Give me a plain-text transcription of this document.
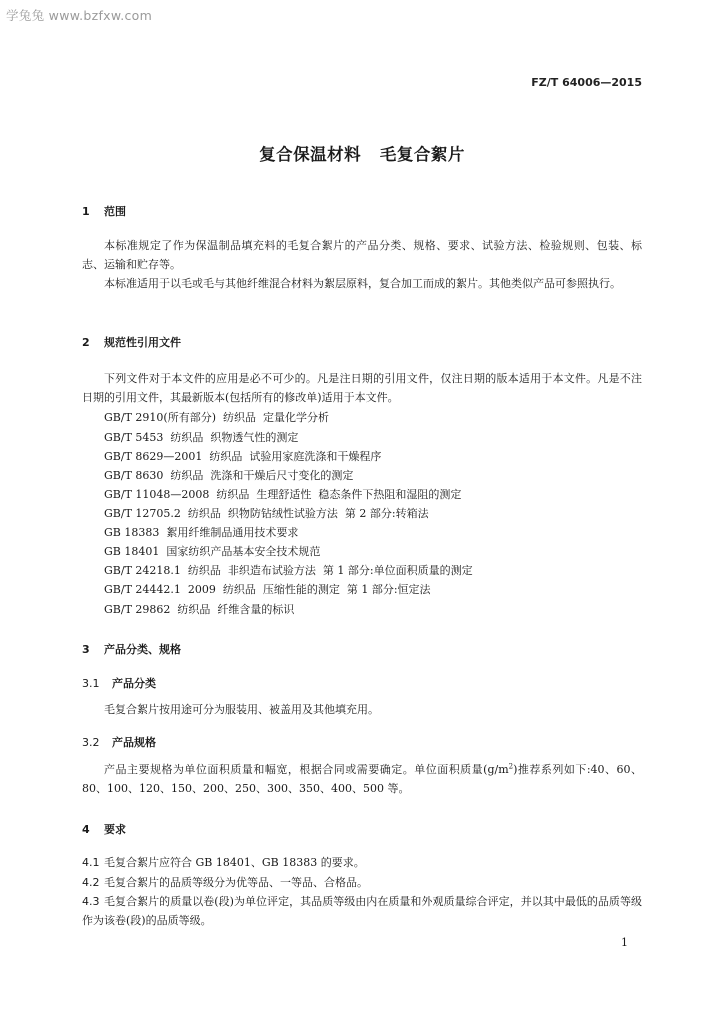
学兔兔 www.bzfxw.com
FZ/T 64006—2015
复合保温材料   毛复合絮片
1 范围

本标准规定了作为保温制品填充料的毛复合絮片的产品分类、规格、要求、试验方法、检验规则、包装、标志、运输和贮存等。

本标准适用于以毛或毛与其他纤维混合材料为絮层原料，复合加工而成的絮片。其他类似产品可参照执行。

2 规范性引用文件

下列文件对于本文件的应用是必不可少的。凡是注日期的引用文件，仅注日期的版本适用于本文件。凡是不注日期的引用文件，其最新版本(包括所有的修改单)适用于本文件。

GB/T 2910(所有部分)  纺织品  定量化学分析
GB/T 5453  纺织品  织物透气性的测定
GB/T 8629—2001  纺织品  试验用家庭洗涤和干燥程序
GB/T 8630  纺织品  洗涤和干燥后尺寸变化的测定
GB/T 11048—2008  纺织品  生理舒适性  稳态条件下热阻和湿阻的测定
GB/T 12705.2  纺织品  织物防钻绒性试验方法  第 2 部分:转箱法
GB 18383  絮用纤维制品通用技术要求
GB 18401  国家纺织产品基本安全技术规范
GB/T 24218.1  纺织品  非织造布试验方法  第 1 部分:单位面积质量的测定
GB/T 24442.1  2009  纺织品  压缩性能的测定  第 1 部分:恒定法
GB/T 29862  纺织品  纤维含量的标识
3 产品分类、规格
3.1 产品分类

毛复合絮片按用途可分为服装用、被盖用及其他填充用。

3.2 产品规格

产品主要规格为单位面积质量和幅宽，根据合同或需要确定。单位面积质量$(g/m^2)$推荐系列如下:40、60、80、100、120、150、200、250、300、350、400、500 等。

4 要求

4.1 毛复合絮片应符合 GB 18401、GB 18383 的要求。

4.2 毛复合絮片的品质等级分为优等品、一等品、合格品。

4.3 毛复合絮片的质量以卷(段)为单位评定，其品质等级由内在质量和外观质量综合评定，并以其中最低的品质等级作为该卷(段)的品质等级。

1
